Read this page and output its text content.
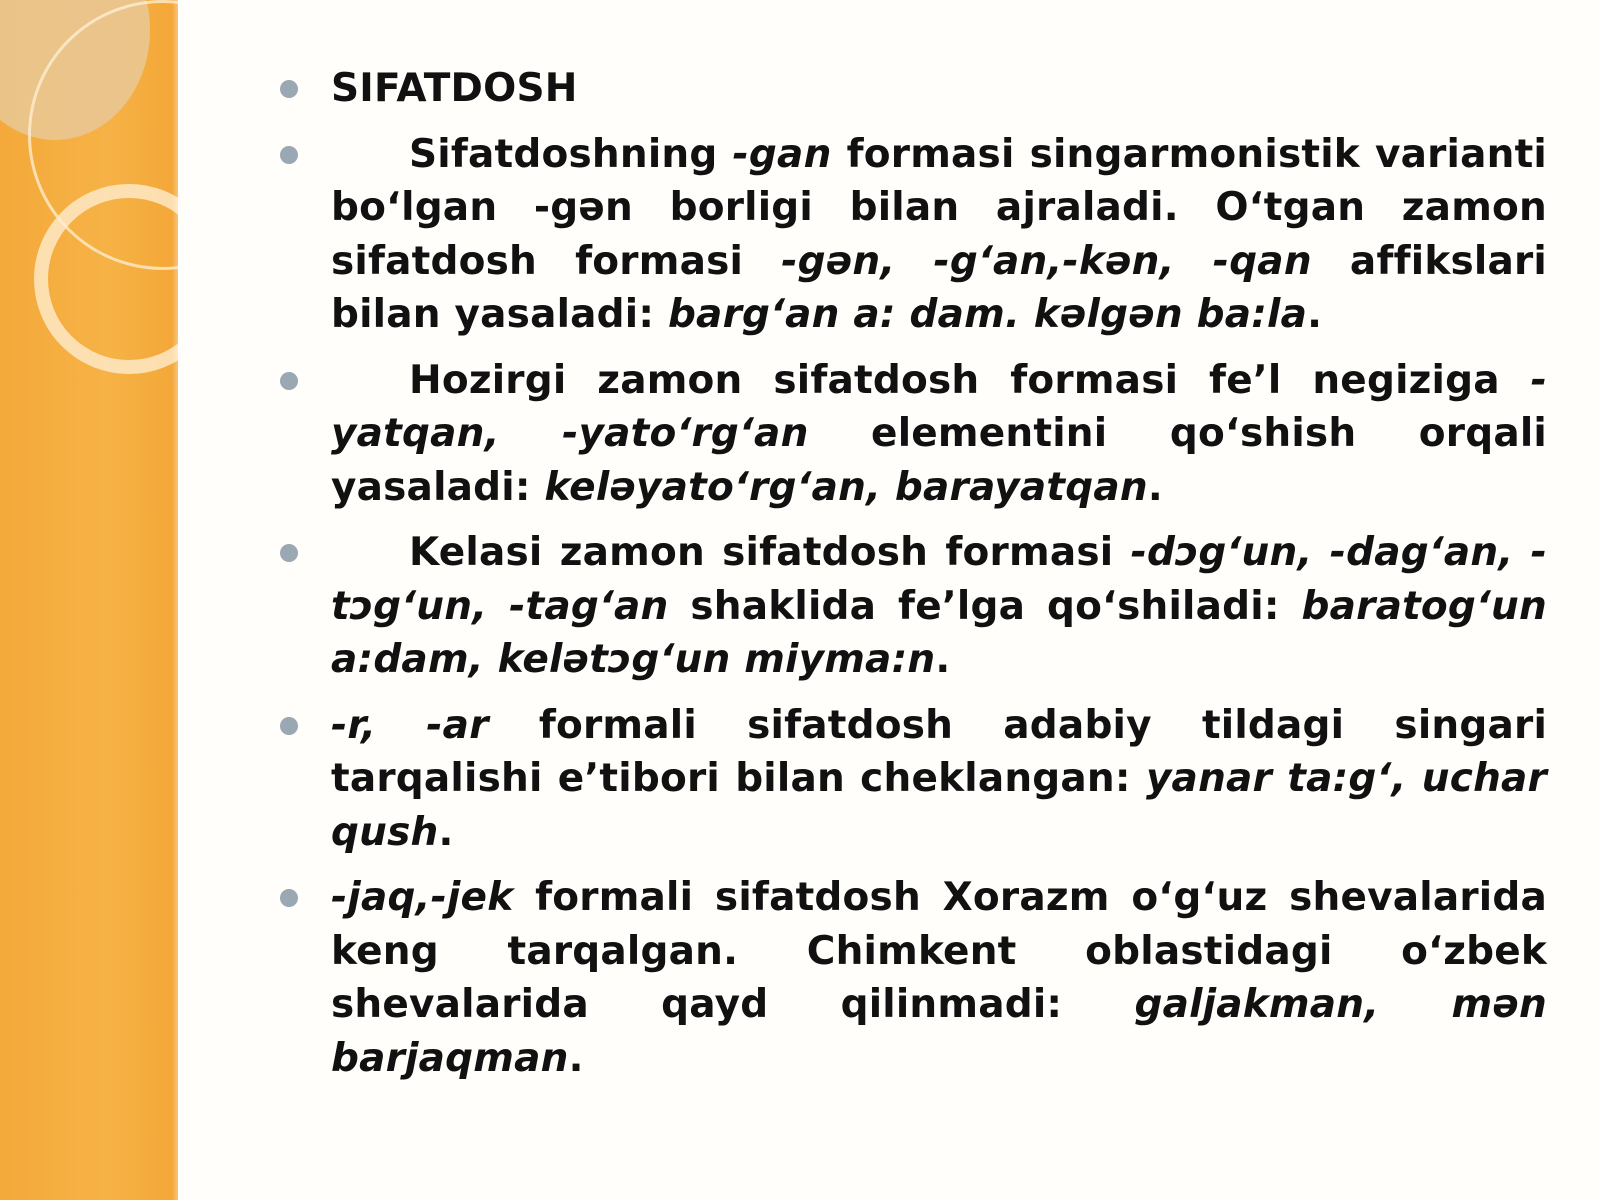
SIFATDOSH
Sifatdoshning -gan formasi singarmonistik varianti bo‘lgan -gən borligi bilan ajraladi. O‘tgan zamon sifatdosh formasi -gən, -g‘an,-kən, -qan affikslari bilan yasaladi: barg‘an a: dam. kəlgən ba:la.
Hozirgi zamon sifatdosh formasi fe’l negiziga -yatqan, -yato‘rg‘an elementini qo‘shish orqali yasaladi: keləyato‘rg‘an, barayatqan.
Kelasi zamon sifatdosh formasi -dɔg‘un, -dag‘an, -tɔg‘un, -tag‘an shaklida fe’lga qo‘shiladi: baratog‘un a:dam, kelətɔg‘un miyma:n.
-r, -ar formali sifatdosh adabiy tildagi singari tarqalishi e’tibori bilan cheklangan: yanar ta:g‘, uchar qush.
-jaq,-jek formali sifatdosh Xorazm o‘g‘uz shevalarida keng tarqalgan. Chimkent oblastidagi o‘zbek shevalarida qayd qilinmadi: galjakman, mən barjaqman.
